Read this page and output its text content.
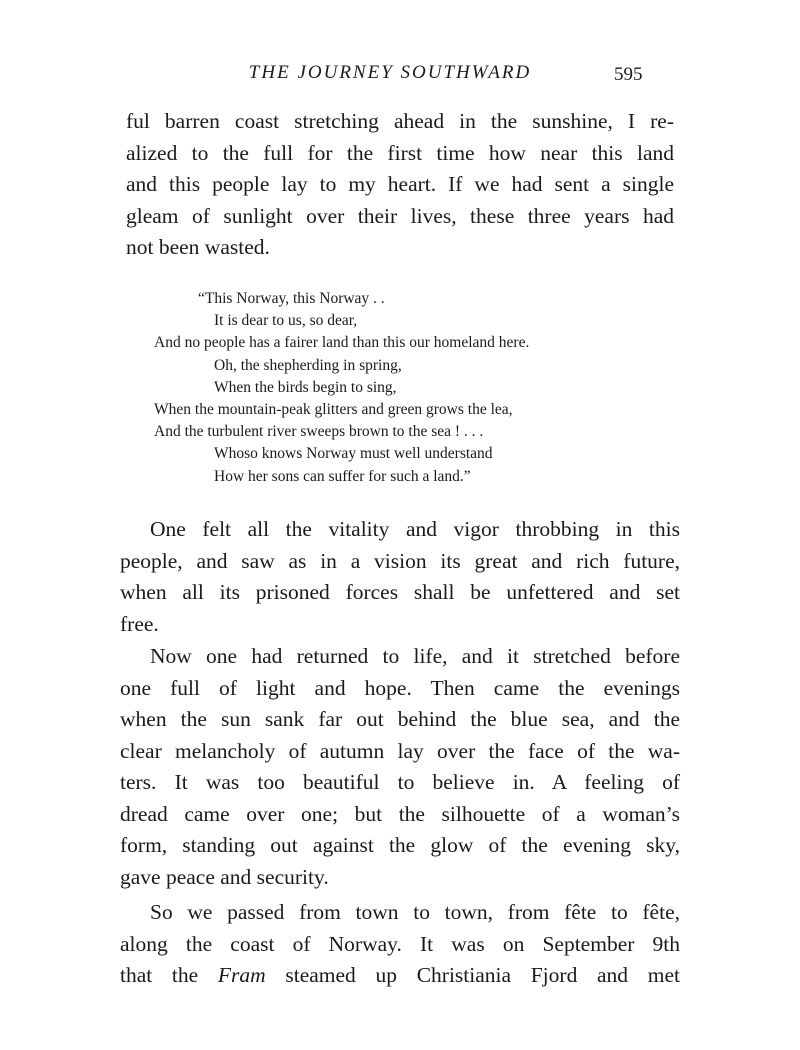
THE JOURNEY SOUTHWARD	595

ful barren coast stretching ahead in the sunshine, I re-
alized to the full for the first time how near this land
and this people lay to my heart. If we had sent a single
gleam of sunlight over their lives, these three years had
not been wasted.

“This Norway, this Norway . .
It is dear to us, so dear,
And no people has a fairer land than this our homeland here.
Oh, the shepherding in spring,
When the birds begin to sing,
When the mountain-peak glitters and green grows the lea,
And the turbulent river sweeps brown to the sea ! . . .
Whoso knows Norway must well understand
How her sons can suffer for such a land.”

One felt all the vitality and vigor throbbing in this
people, and saw as in a vision its great and rich future,
when all its prisoned forces shall be unfettered and set
free.

Now one had returned to life, and it stretched before
one full of light and hope. Then came the evenings
when the sun sank far out behind the blue sea, and the
clear melancholy of autumn lay over the face of the wa-
ters. It was too beautiful to believe in. A feeling of
dread came over one; but the silhouette of a woman’s
form, standing out against the glow of the evening sky,
gave peace and security.

So we passed from town to town, from fête to fête,
along the coast of Norway. It was on September 9th
that the Fram steamed up Christiania Fjord and met
